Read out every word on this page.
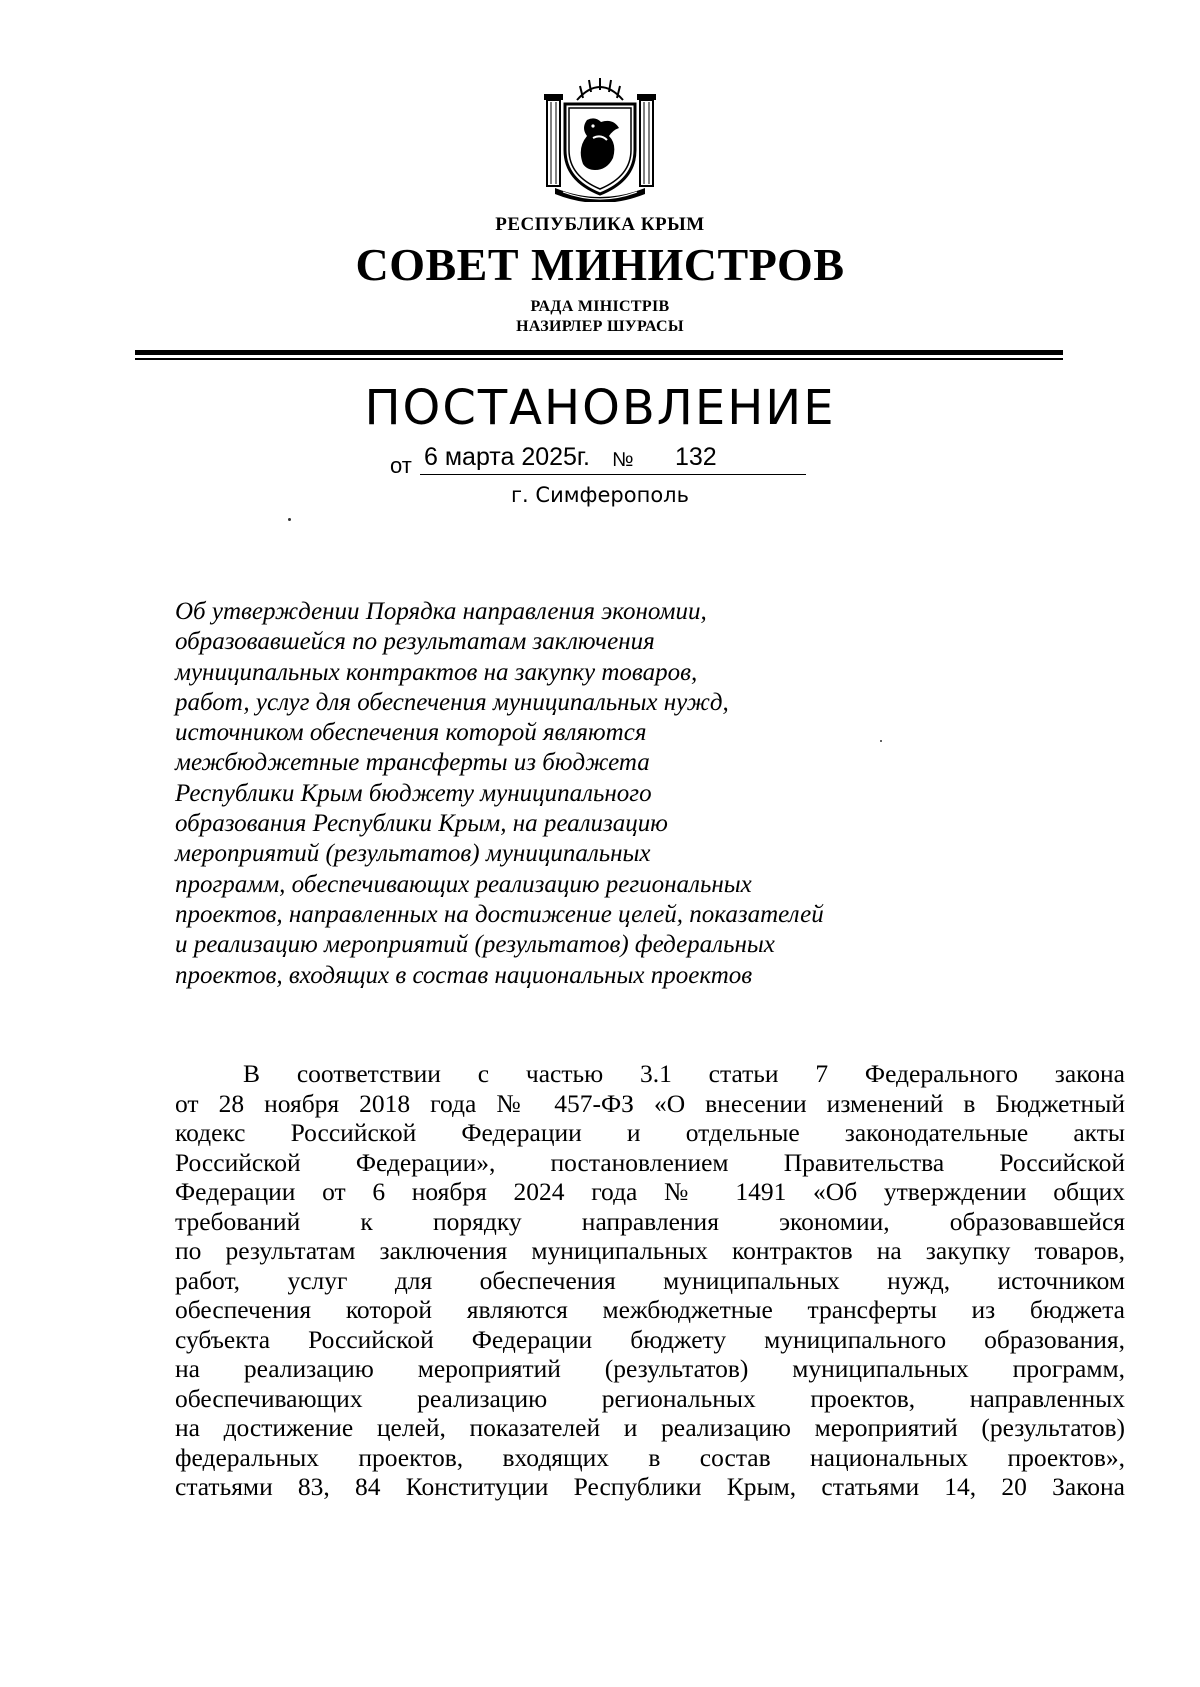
РЕСПУБЛИКА КРЫМ
СОВЕТ МИНИСТРОВ
РАДА МІНІСТРІВ
НАЗИРЛЕР ШУРАСЫ
ПОСТАНОВЛЕНИЕ
от 6 марта 2025г. № 132
г. Симферополь
Об утверждении Порядка направления экономии,
образовавшейся по результатам заключения
муниципальных контрактов на закупку товаров,
работ, услуг для обеспечения муниципальных нужд,
источником обеспечения которой являются
межбюджетные трансферты из бюджета
Республики Крым бюджету муниципального
образования Республики Крым, на реализацию
мероприятий (результатов) муниципальных
программ, обеспечивающих реализацию региональных
проектов, направленных на достижение целей, показателей
и реализацию мероприятий (результатов) федеральных
проектов, входящих в состав национальных проектов
В соответствии с частью 3.1 статьи 7 Федерального закона
от 28 ноября 2018 года № 457-ФЗ «О внесении изменений в Бюджетный
кодекс Российской Федерации и отдельные законодательные акты
Российской Федерации», постановлением Правительства Российской
Федерации от 6 ноября 2024 года № 1491 «Об утверждении общих
требований к порядку направления экономии, образовавшейся
по результатам заключения муниципальных контрактов на закупку товаров,
работ, услуг для обеспечения муниципальных нужд, источником
обеспечения которой являются межбюджетные трансферты из бюджета
субъекта Российской Федерации бюджету муниципального образования,
на реализацию мероприятий (результатов) муниципальных программ,
обеспечивающих реализацию региональных проектов, направленных
на достижение целей, показателей и реализацию мероприятий (результатов)
федеральных проектов, входящих в состав национальных проектов»,
статьями 83, 84 Конституции Республики Крым, статьями 14, 20 Закона
